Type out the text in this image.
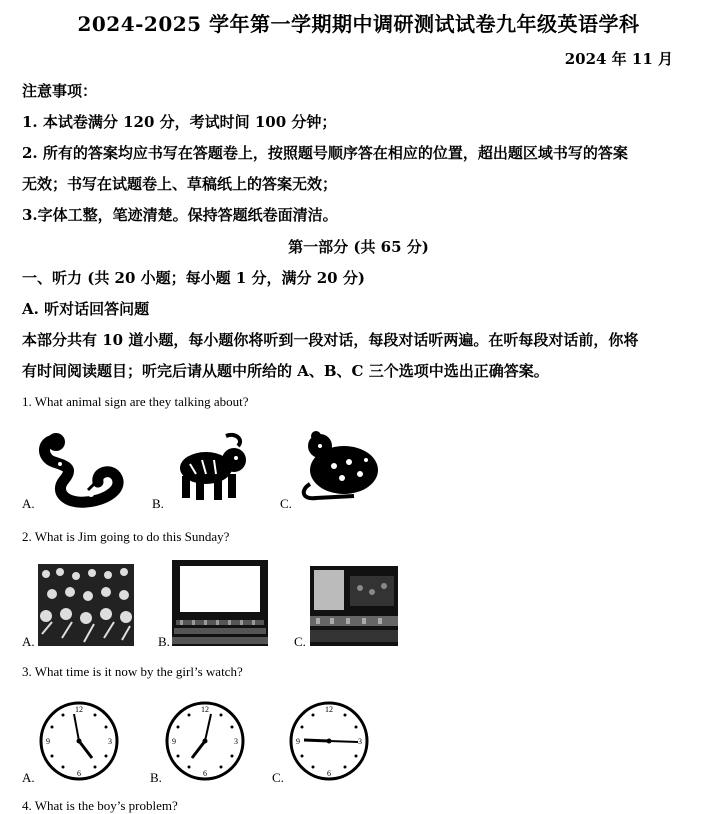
2024-2025 学年第一学期期中调研测试试卷九年级英语学科
2024 年 11 月
注意事项：
1. 本试卷满分 120 分，考试时间 100 分钟；
2. 所有的答案均应书写在答题卷上，按照题号顺序答在相应的位置，超出题区域书写的答案
无效；书写在试题卷上、草稿纸上的答案无效；
3.字体工整，笔迹清楚。保持答题纸卷面清洁。
第一部分 (共 65 分)
一、听力 (共 20 小题；每小题 1 分，满分 20 分)
A. 听对话回答问题
本部分共有 10 道小题，每小题你将听到一段对话，每段对话听两遍。在听每段对话前，你将
有时间阅读题目；听完后请从题中所给的 A、B、C 三个选项中选出正确答案。
1. What animal sign are they talking about?
A.	B.	C.
2. What is Jim going to do this Sunday?
A.	B.	C.
3. What time is it now by the girl’s watch?
A.	B.	C.
12
3
6
9
12
3
6
9
12
3
6
9
4. What is the boy’s problem?
